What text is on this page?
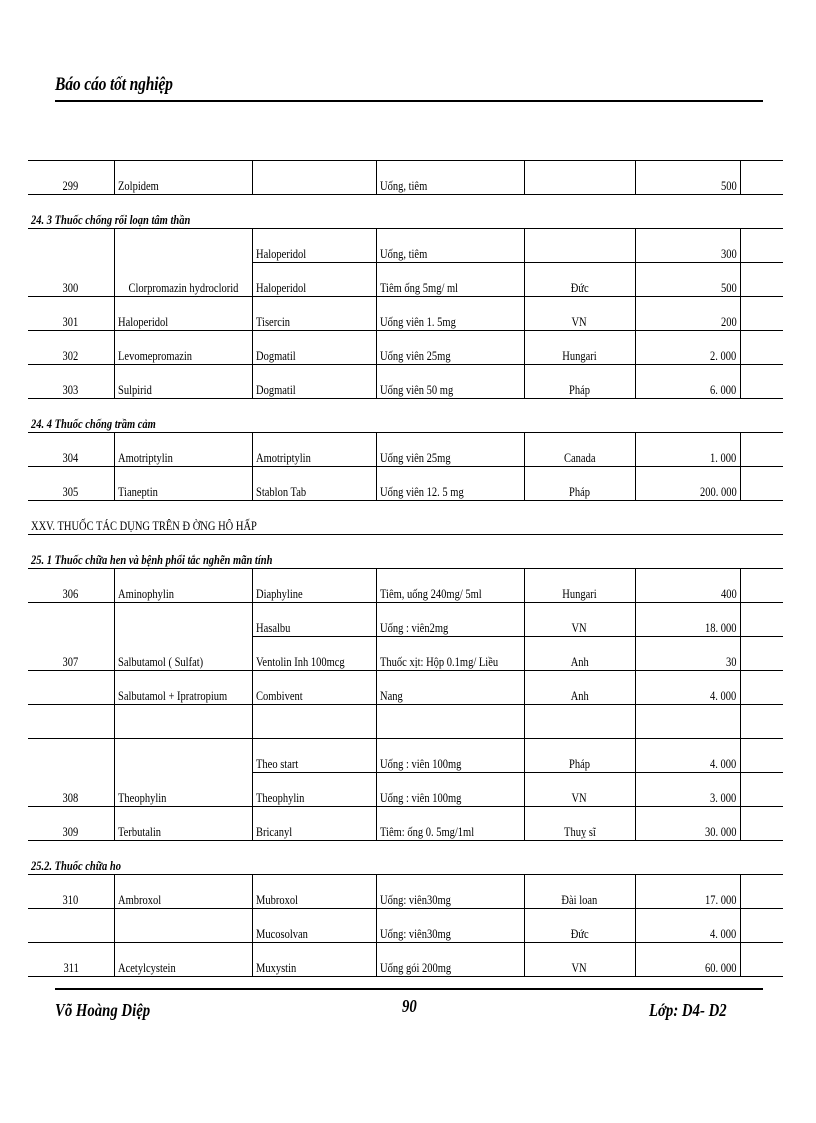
Báo cáo tốt nghiệp
299	Zolpidem		Uống, tiêm		500	
24. 3 Thuốc chống rối loạn tâm thần						
		Haloperidol	Uống, tiêm		300	
300	Clorpromazin hydroclorid	Haloperidol	Tiêm ống 5mg/ ml	Đức	500	
301	Haloperidol	Tisercin	Uống viên 1. 5mg	VN	200	
302	Levomepromazin	Dogmatil	Uống viên 25mg	Hungari	2. 000	
303	Sulpirid	Dogmatil	Uống viên 50 mg	Pháp	6. 000	
24. 4 Thuốc chống trầm cảm						
304	Amotriptylin	Amotriptylin	Uống viên 25mg	Canada	1. 000	
305	Tianeptin	Stablon Tab	Uống viên 12. 5 mg	Pháp	200. 000	
XXV. THUỐC TÁC DỤNG TRÊN Đ ỜNG HÔ HẤP						
25. 1 Thuốc chữa hen và bệnh phổi tắc nghẽn mãn tính						
306	Aminophylin	Diaphyline	Tiêm, uống 240mg/ 5ml	Hungari	400	
		Hasalbu	Uống : viên2mg	VN	18. 000	
307	Salbutamol ( Sulfat)	Ventolin Inh 100mcg	Thuốc xịt: Hộp 0.1mg/ Liều	Anh	30	
	Salbutamol + Ipratropium	Combivent	Nang	Anh	4. 000	

		Theo start	Uống : viên 100mg	Pháp	4. 000	
308	Theophylin	Theophylin	Uống : viên 100mg	VN	3. 000	
309	Terbutalin	Bricanyl	Tiêm: ống 0. 5mg/1ml	Thuỵ sĩ	30. 000	
25.2. Thuốc chữa ho						
310	Ambroxol	Mubroxol	Uống: viên30mg	Đài loan	17. 000	
		Mucosolvan	Uống: viên30mg	Đức	4. 000	
311	Acetylcystein	Muxystin	Uống gói 200mg	VN	60. 000	
Võ Hoàng Diệp	90	Lớp: D4- D2
